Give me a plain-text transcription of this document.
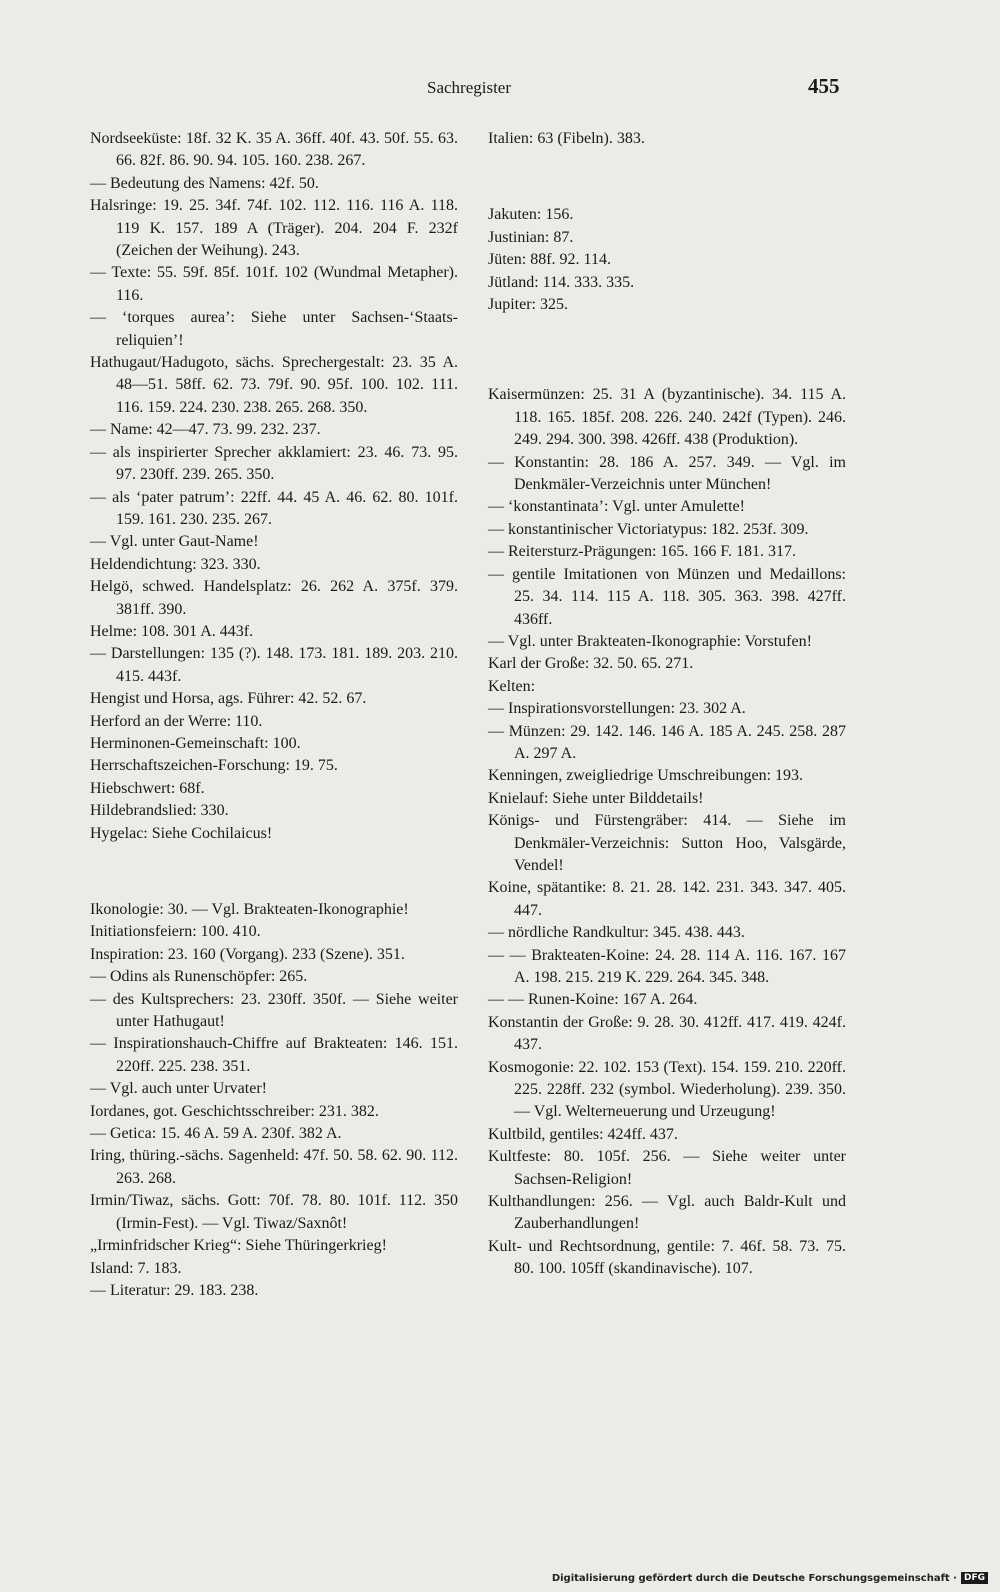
Sachregister	455

Nordseeküste: 18f. 32 K. 35 A. 36ff. 40f. 43. 50f. 55. 63. 66. 82f. 86. 90. 94. 105. 160. 238. 267.

— Bedeutung des Namens: 42f. 50.

Halsringe: 19. 25. 34f. 74f. 102. 112. 116. 116 A. 118. 119 K. 157. 189 A (Träger). 204. 204 F. 232f (Zeichen der Weihung). 243.

— Texte: 55. 59f. 85f. 101f. 102 (Wundmal Metapher). 116.

— ‘torques aurea’: Siehe unter Sachsen-‘Staats-reliquien’!

Hathugaut/Hadugoto, sächs. Sprechergestalt: 23. 35 A. 48—51. 58ff. 62. 73. 79f. 90. 95f. 100. 102. 111. 116. 159. 224. 230. 238. 265. 268. 350.

— Name: 42—47. 73. 99. 232. 237.

— als inspirierter Sprecher akklamiert: 23. 46. 73. 95. 97. 230ff. 239. 265. 350.

— als ‘pater patrum’: 22ff. 44. 45 A. 46. 62. 80. 101f. 159. 161. 230. 235. 267.

— Vgl. unter Gaut-Name!

Heldendichtung: 323. 330.

Helgö, schwed. Handelsplatz: 26. 262 A. 375f. 379. 381ff. 390.

Helme: 108. 301 A. 443f.

— Darstellungen: 135 (?). 148. 173. 181. 189. 203. 210. 415. 443f.

Hengist und Horsa, ags. Führer: 42. 52. 67.

Herford an der Werre: 110.

Herminonen-Gemeinschaft: 100.

Herrschaftszeichen-Forschung: 19. 75.

Hiebschwert: 68f.

Hildebrandslied: 330.

Hygelac: Siehe Cochilaicus!

Ikonologie: 30. — Vgl. Brakteaten-Ikonographie!

Initiationsfeiern: 100. 410.

Inspiration: 23. 160 (Vorgang). 233 (Szene). 351.

— Odins als Runenschöpfer: 265.

— des Kultsprechers: 23. 230ff. 350f. — Siehe weiter unter Hathugaut!

— Inspirationshauch-Chiffre auf Brakteaten: 146. 151. 220ff. 225. 238. 351.

— Vgl. auch unter Urvater!

Iordanes, got. Geschichtsschreiber: 231. 382.

— Getica: 15. 46 A. 59 A. 230f. 382 A.

Iring, thüring.-sächs. Sagenheld: 47f. 50. 58. 62. 90. 112. 263. 268.

Irmin/Tiwaz, sächs. Gott: 70f. 78. 80. 101f. 112. 350 (Irmin-Fest). — Vgl. Tiwaz/Saxnôt!

„Irminfridscher Krieg“: Siehe Thüringerkrieg!

Island: 7. 183.

— Literatur: 29. 183. 238.

Italien: 63 (Fibeln). 383.

Jakuten: 156.

Justinian: 87.

Jüten: 88f. 92. 114.

Jütland: 114. 333. 335.

Jupiter: 325.

Kaisermünzen: 25. 31 A (byzantinische). 34. 115 A. 118. 165. 185f. 208. 226. 240. 242f (Typen). 246. 249. 294. 300. 398. 426ff. 438 (Produktion).

— Konstantin: 28. 186 A. 257. 349. — Vgl. im Denkmäler-Verzeichnis unter München!

— ‘konstantinata’: Vgl. unter Amulette!

— konstantinischer Victoriatypus: 182. 253f. 309.

— Reitersturz-Prägungen: 165. 166 F. 181. 317.

— gentile Imitationen von Münzen und Medaillons: 25. 34. 114. 115 A. 118. 305. 363. 398. 427ff. 436ff.

— Vgl. unter Brakteaten-Ikonographie: Vorstufen!

Karl der Große: 32. 50. 65. 271.

Kelten:

— Inspirationsvorstellungen: 23. 302 A.

— Münzen: 29. 142. 146. 146 A. 185 A. 245. 258. 287 A. 297 A.

Kenningen, zweigliedrige Umschreibungen: 193.

Knielauf: Siehe unter Bilddetails!

Königs- und Fürstengräber: 414. — Siehe im Denkmäler-Verzeichnis: Sutton Hoo, Valsgärde, Vendel!

Koine, spätantike: 8. 21. 28. 142. 231. 343. 347. 405. 447.

— nördliche Randkultur: 345. 438. 443.

— — Brakteaten-Koine: 24. 28. 114 A. 116. 167. 167 A. 198. 215. 219 K. 229. 264. 345. 348.

— — Runen-Koine: 167 A. 264.

Konstantin der Große: 9. 28. 30. 412ff. 417. 419. 424f. 437.

Kosmogonie: 22. 102. 153 (Text). 154. 159. 210. 220ff. 225. 228ff. 232 (symbol. Wiederholung). 239. 350. — Vgl. Welterneuerung und Urzeugung!

Kultbild, gentiles: 424ff. 437.

Kultfeste: 80. 105f. 256. — Siehe weiter unter Sachsen-Religion!

Kulthandlungen: 256. — Vgl. auch Baldr-Kult und Zauberhandlungen!

Kult- und Rechtsordnung, gentile: 7. 46f. 58. 73. 75. 80. 100. 105ff (skandinavische). 107.

Digitalisierung gefördert durch die Deutsche Forschungsgemeinschaft · DFG
